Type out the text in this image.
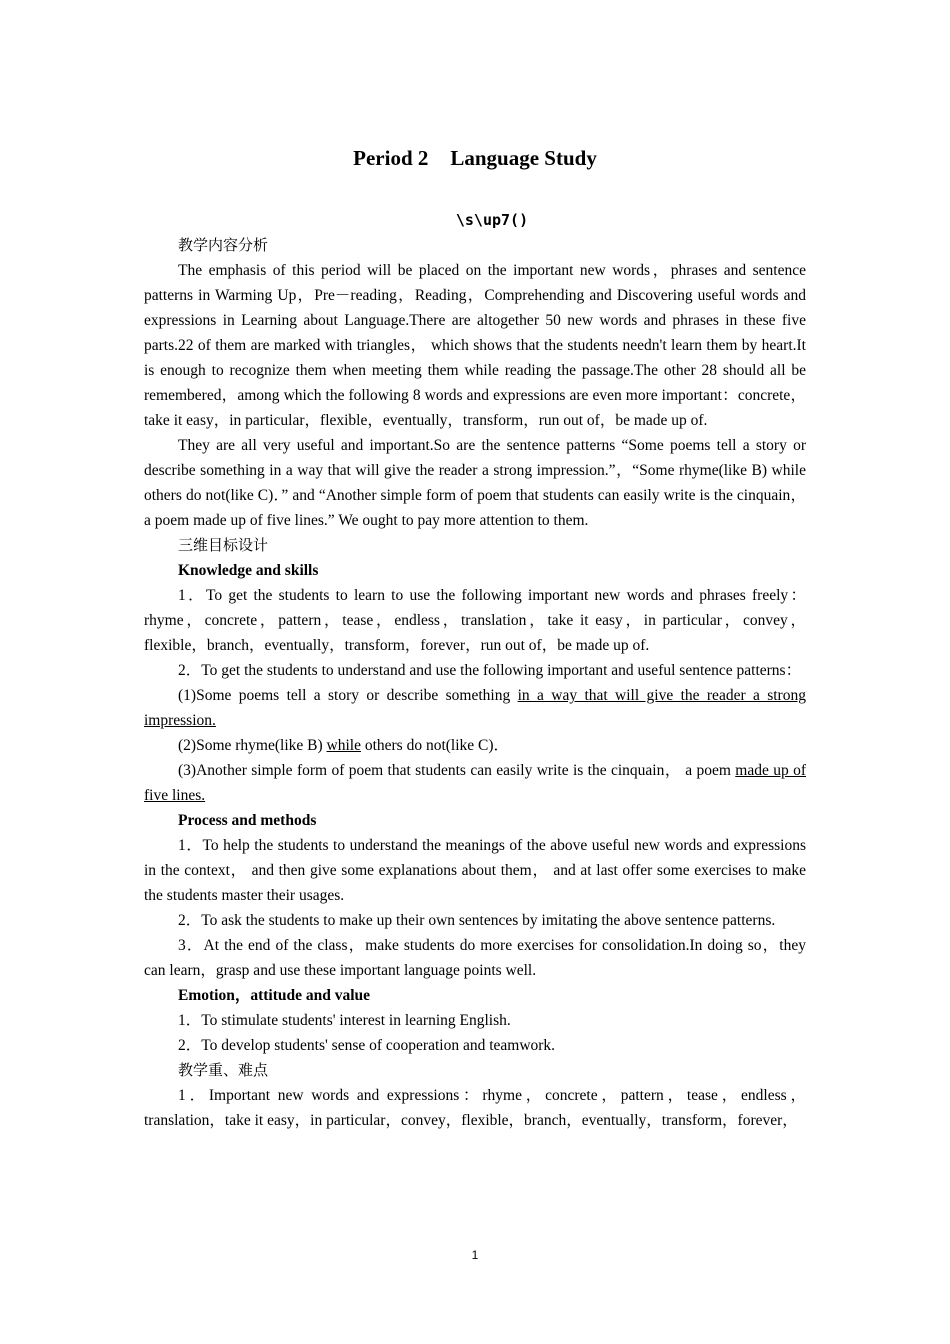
Period 2 Language Study
\s\up7()

教学内容分析

The emphasis of this period will be placed on the important new words，phrases and sentence patterns in Warming Up，Pre－reading，Reading，Comprehending and Discovering useful words and expressions in Learning about Language.There are altogether 50 new words and phrases in these five parts.22 of them are marked with triangles， which shows that the students needn't learn them by heart.It is enough to recognize them when meeting them while reading the passage.The other 28 should all be remembered，among which the following 8 words and expressions are even more important：concrete，take it easy，in particular，flexible，eventually，transform，run out of，be made up of.

They are all very useful and important.So are the sentence patterns “Some poems tell a story or describe something in a way that will give the reader a strong impression.”，“Some rhyme(like B) while others do not(like C)．” and “Another simple form of poem that students can easily write is the cinquain，a poem made up of five lines.” We ought to pay more attention to them.

三维目标设计

Knowledge and skills

1．To get the students to learn to use the following important new words and phrases freely：rhyme，concrete，pattern，tease，endless，translation，take it easy，in particular，convey，flexible，branch，eventually，transform，forever，run out of，be made up of.

2．To get the students to understand and use the following important and useful sentence patterns：

(1)Some poems tell a story or describe something in a way that will give the reader a strong impression.

(2)Some rhyme(like B) while others do not(like C)．

(3)Another simple form of poem that students can easily write is the cinquain， a poem made up of five lines.

Process and methods

1．To help the students to understand the meanings of the above useful new words and expressions in the context， and then give some explanations about them， and at last offer some exercises to make the students master their usages.

2．To ask the students to make up their own sentences by imitating the above sentence patterns.

3．At the end of the class，make students do more exercises for consolidation.In doing so，they can learn，grasp and use these important language points well.

Emotion，attitude and value

1．To stimulate students' interest in learning English.

2．To develop students' sense of cooperation and teamwork.

教学重、难点

1．Important new words and expressions：rhyme，concrete，pattern，tease，endless，translation，take it easy，in particular，convey，flexible，branch，eventually，transform，forever，

1
